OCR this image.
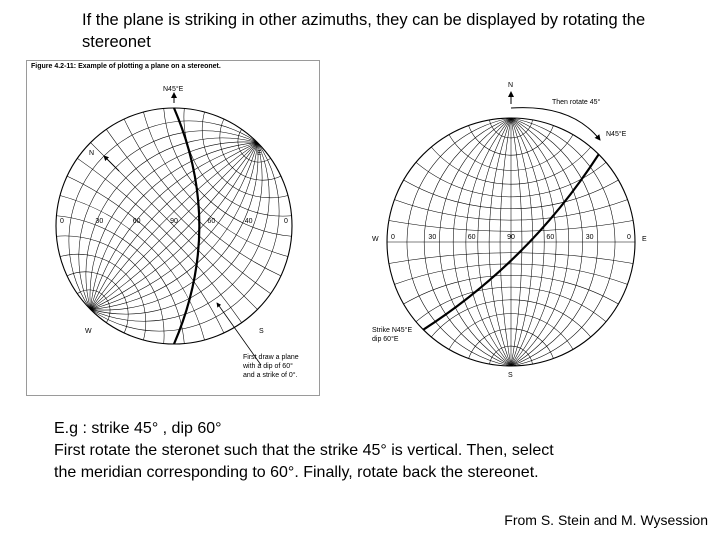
If the plane is striking in other azimuths, they can be displayed by rotating the stereonet
Figure 4.2-11: Example of plotting a plane on a stereonet.
N45°E
N	E
W	S
0	30	60	90	60	40	0
First draw a plane
with a dip of 60°
and a strike of 0°.
N
S
W	E
Then rotate 45°
N45°E
0	30	60	90	60	30	0
Strike N45°E
dip 60°E
E.g : strike 45° , dip 60°
First rotate the steronet such that the strike 45° is vertical. Then, select
the meridian corresponding to 60°. Finally, rotate back the stereonet.
From S. Stein and M. Wysession
